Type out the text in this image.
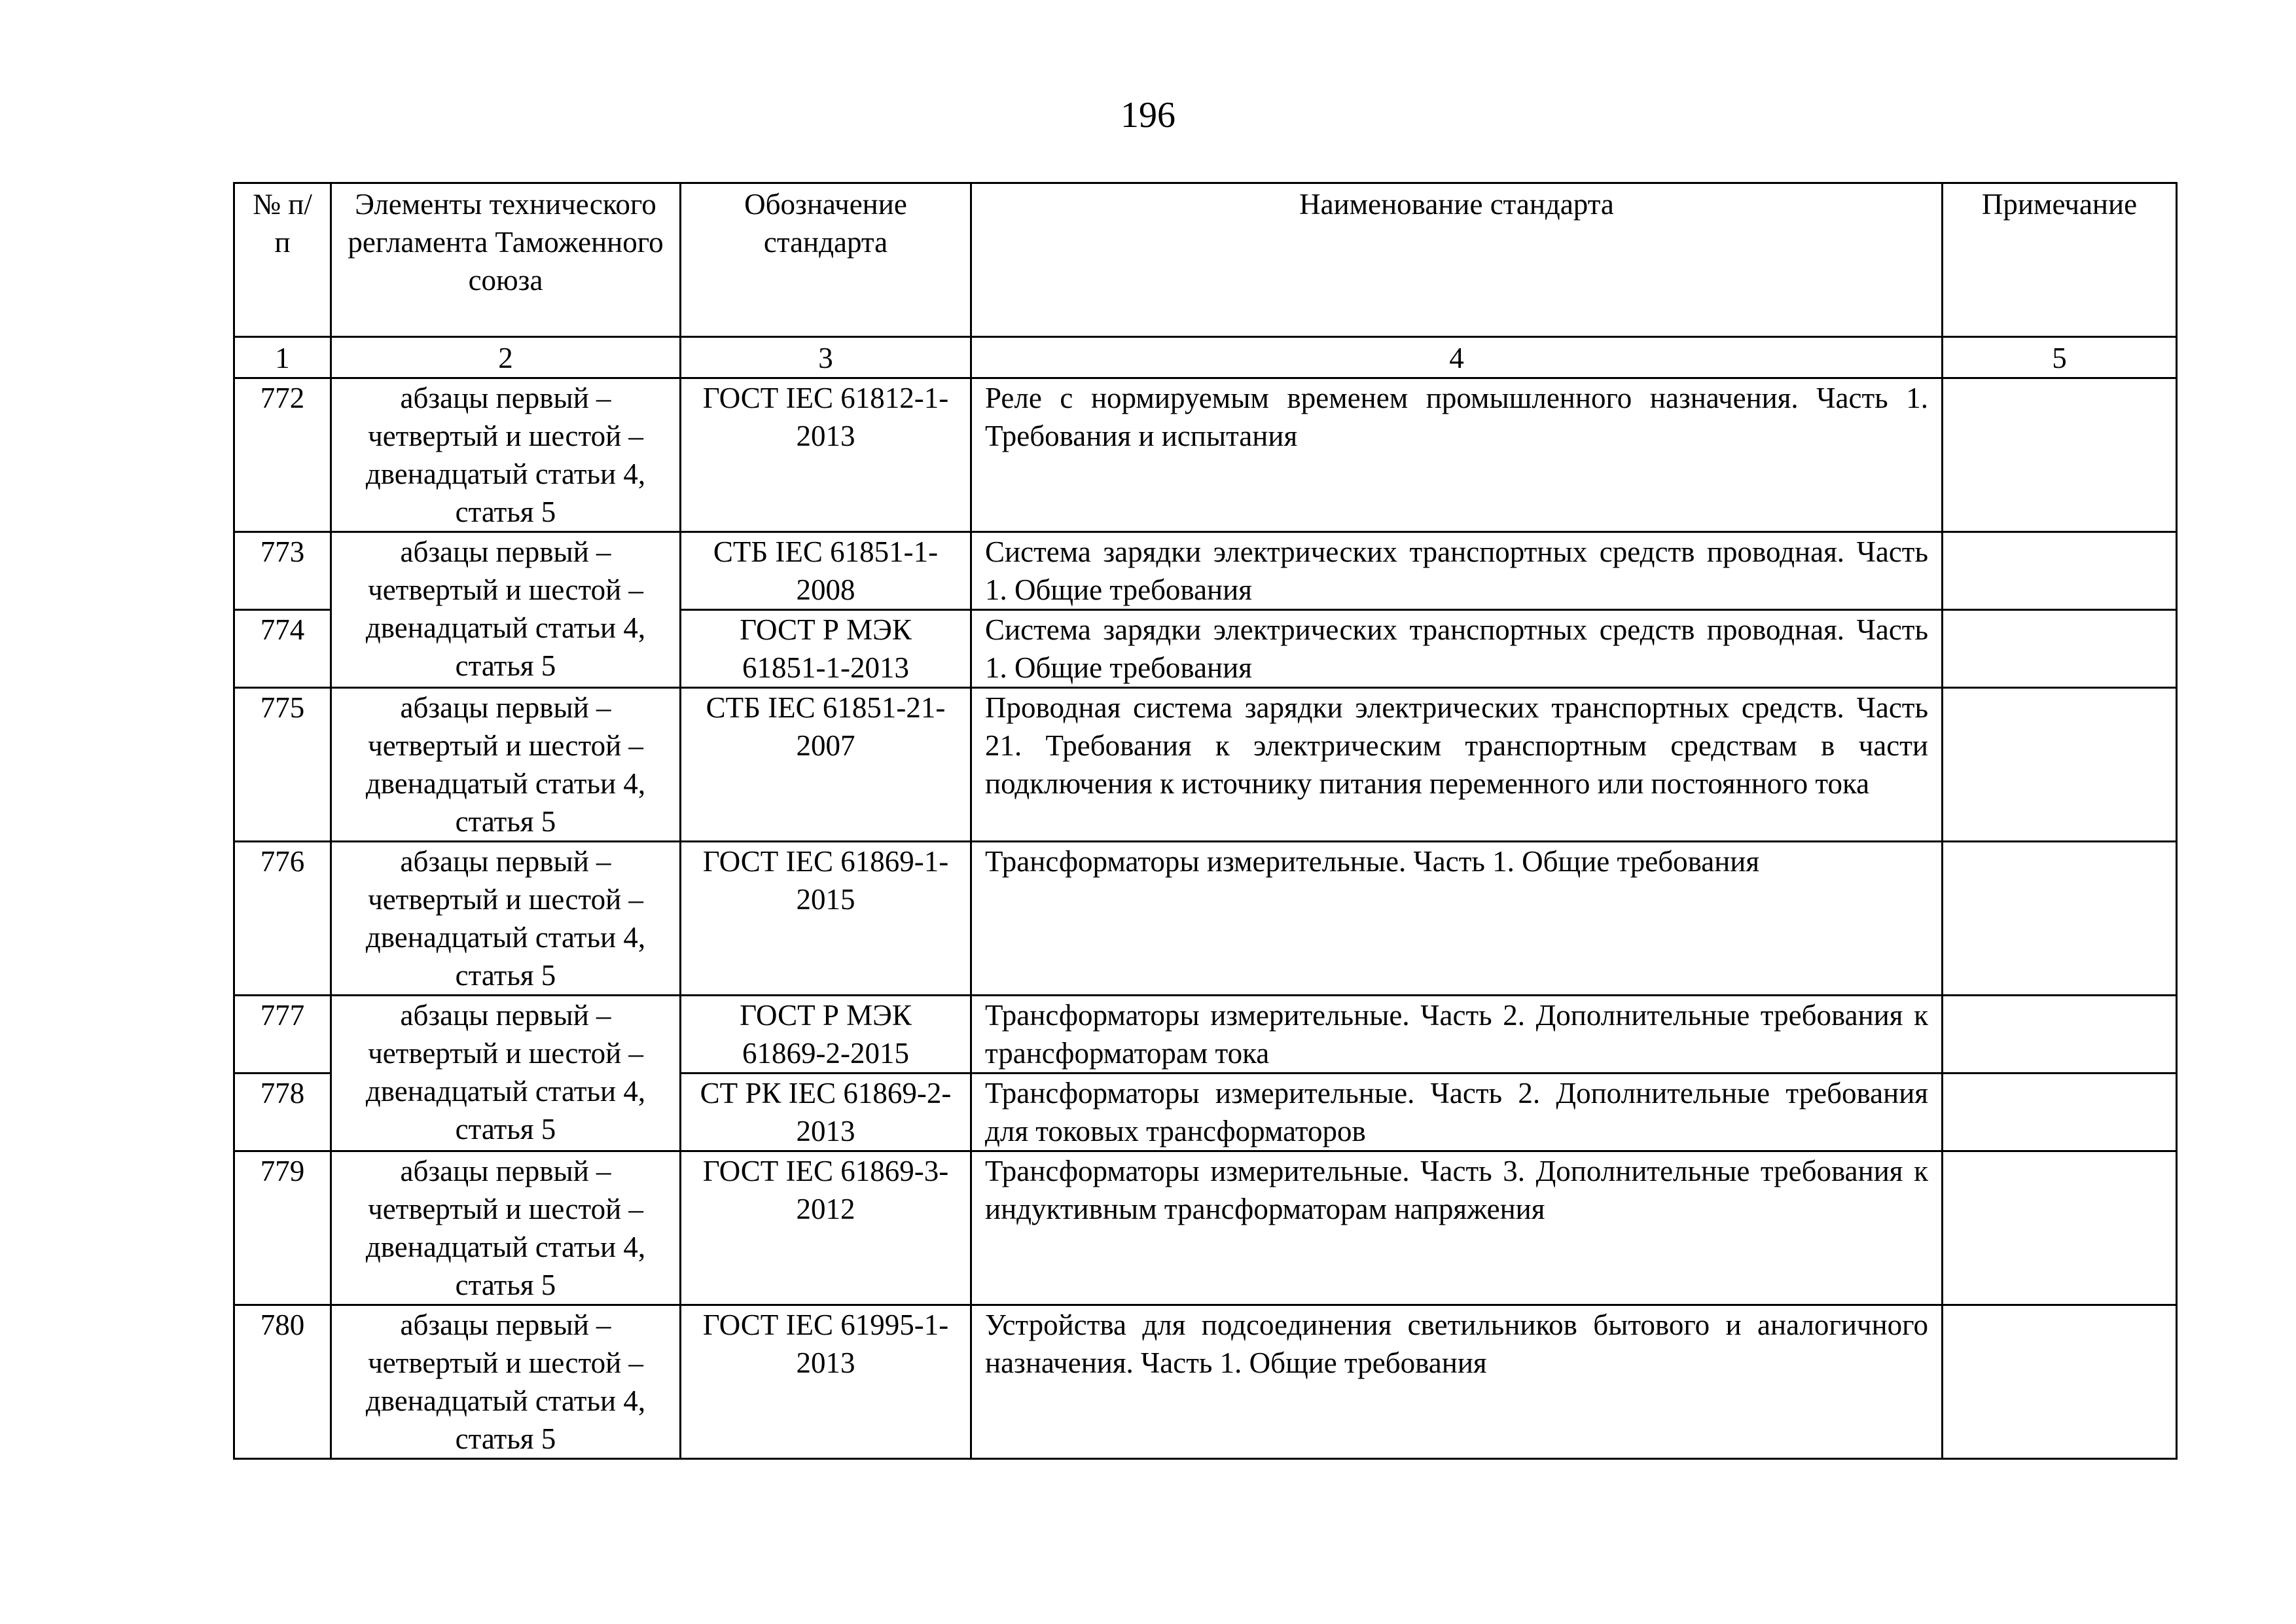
196
№ п/п	Элементы технического регламента Таможенного союза	Обозначение стандарта	Наименование стандарта	Примечание
1	2	3	4	5
772	абзацы первый – четвертый и шестой – двенадцатый статьи 4, статья 5	ГОСТ IEC 61812-1-2013	Реле с нормируемым временем промышленного назначения. Часть 1. Требования и испытания	
773	абзацы первый – четвертый и шестой – двенадцатый статьи 4, статья 5	СТБ IEC 61851-1-2008	Система зарядки электрических транспортных средств проводная. Часть 1. Общие требования	
774		ГОСТ Р МЭК 61851-1-2013	Система зарядки электрических транспортных средств проводная. Часть 1. Общие требования	
775	абзацы первый – четвертый и шестой – двенадцатый статьи 4, статья 5	СТБ IEC 61851-21-2007	Проводная система зарядки электрических транспортных средств. Часть 21. Требования к электрическим транспортным средствам в части подключения к источнику питания переменного или постоянного тока	
776	абзацы первый – четвертый и шестой – двенадцатый статьи 4, статья 5	ГОСТ IEC 61869-1-2015	Трансформаторы измерительные. Часть 1. Общие требования	
777	абзацы первый – четвертый и шестой – двенадцатый статьи 4, статья 5	ГОСТ Р МЭК 61869-2-2015	Трансформаторы измерительные. Часть 2. Дополнительные требования к трансформаторам тока	
778		СТ РК IEC 61869-2-2013	Трансформаторы измерительные. Часть 2. Дополнительные требования для токовых трансформаторов	
779	абзацы первый – четвертый и шестой – двенадцатый статьи 4, статья 5	ГОСТ IEC 61869-3-2012	Трансформаторы измерительные. Часть 3. Дополнительные требования к индуктивным трансформаторам напряжения	
780	абзацы первый – четвертый и шестой – двенадцатый статьи 4, статья 5	ГОСТ IEC 61995-1-2013	Устройства для подсоединения светильников бытового и аналогичного назначения. Часть 1. Общие требования	
